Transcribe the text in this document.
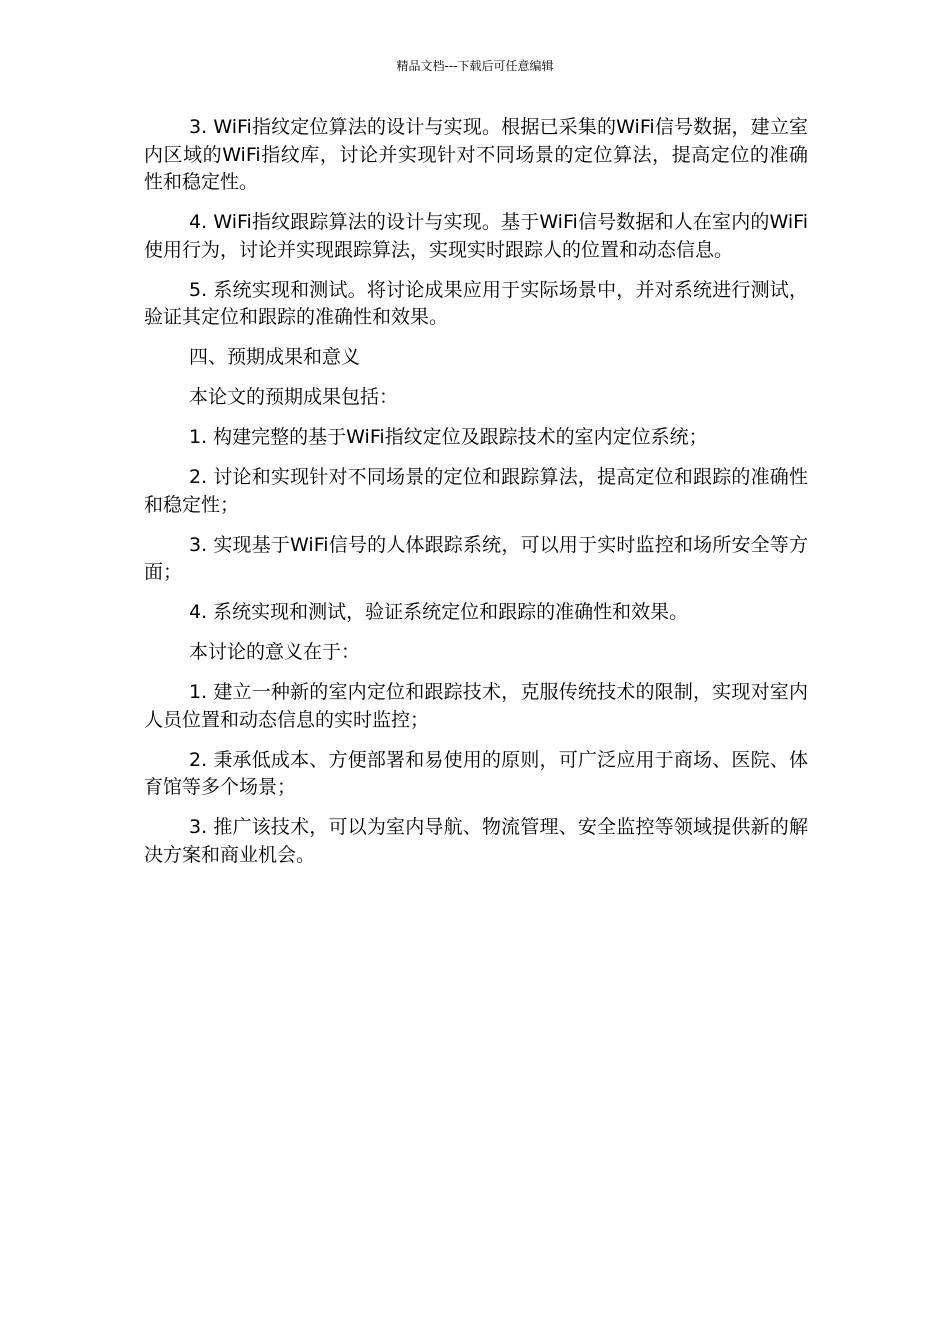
精品文档---下载后可任意编辑

3. WiFi指纹定位算法的设计与实现。根据已采集的WiFi信号数据，建立室内区域的WiFi指纹库，讨论并实现针对不同场景的定位算法，提高定位的准确性和稳定性。

4. WiFi指纹跟踪算法的设计与实现。基于WiFi信号数据和人在室内的WiFi使用行为，讨论并实现跟踪算法，实现实时跟踪人的位置和动态信息。

5. 系统实现和测试。将讨论成果应用于实际场景中，并对系统进行测试，验证其定位和跟踪的准确性和效果。

四、预期成果和意义

本论文的预期成果包括：

1. 构建完整的基于WiFi指纹定位及跟踪技术的室内定位系统；

2. 讨论和实现针对不同场景的定位和跟踪算法，提高定位和跟踪的准确性和稳定性；

3. 实现基于WiFi信号的人体跟踪系统，可以用于实时监控和场所安全等方面；

4. 系统实现和测试，验证系统定位和跟踪的准确性和效果。

本讨论的意义在于：

1. 建立一种新的室内定位和跟踪技术，克服传统技术的限制，实现对室内人员位置和动态信息的实时监控；

2. 秉承低成本、方便部署和易使用的原则，可广泛应用于商场、医院、体育馆等多个场景；

3. 推广该技术，可以为室内导航、物流管理、安全监控等领域提供新的解决方案和商业机会。
